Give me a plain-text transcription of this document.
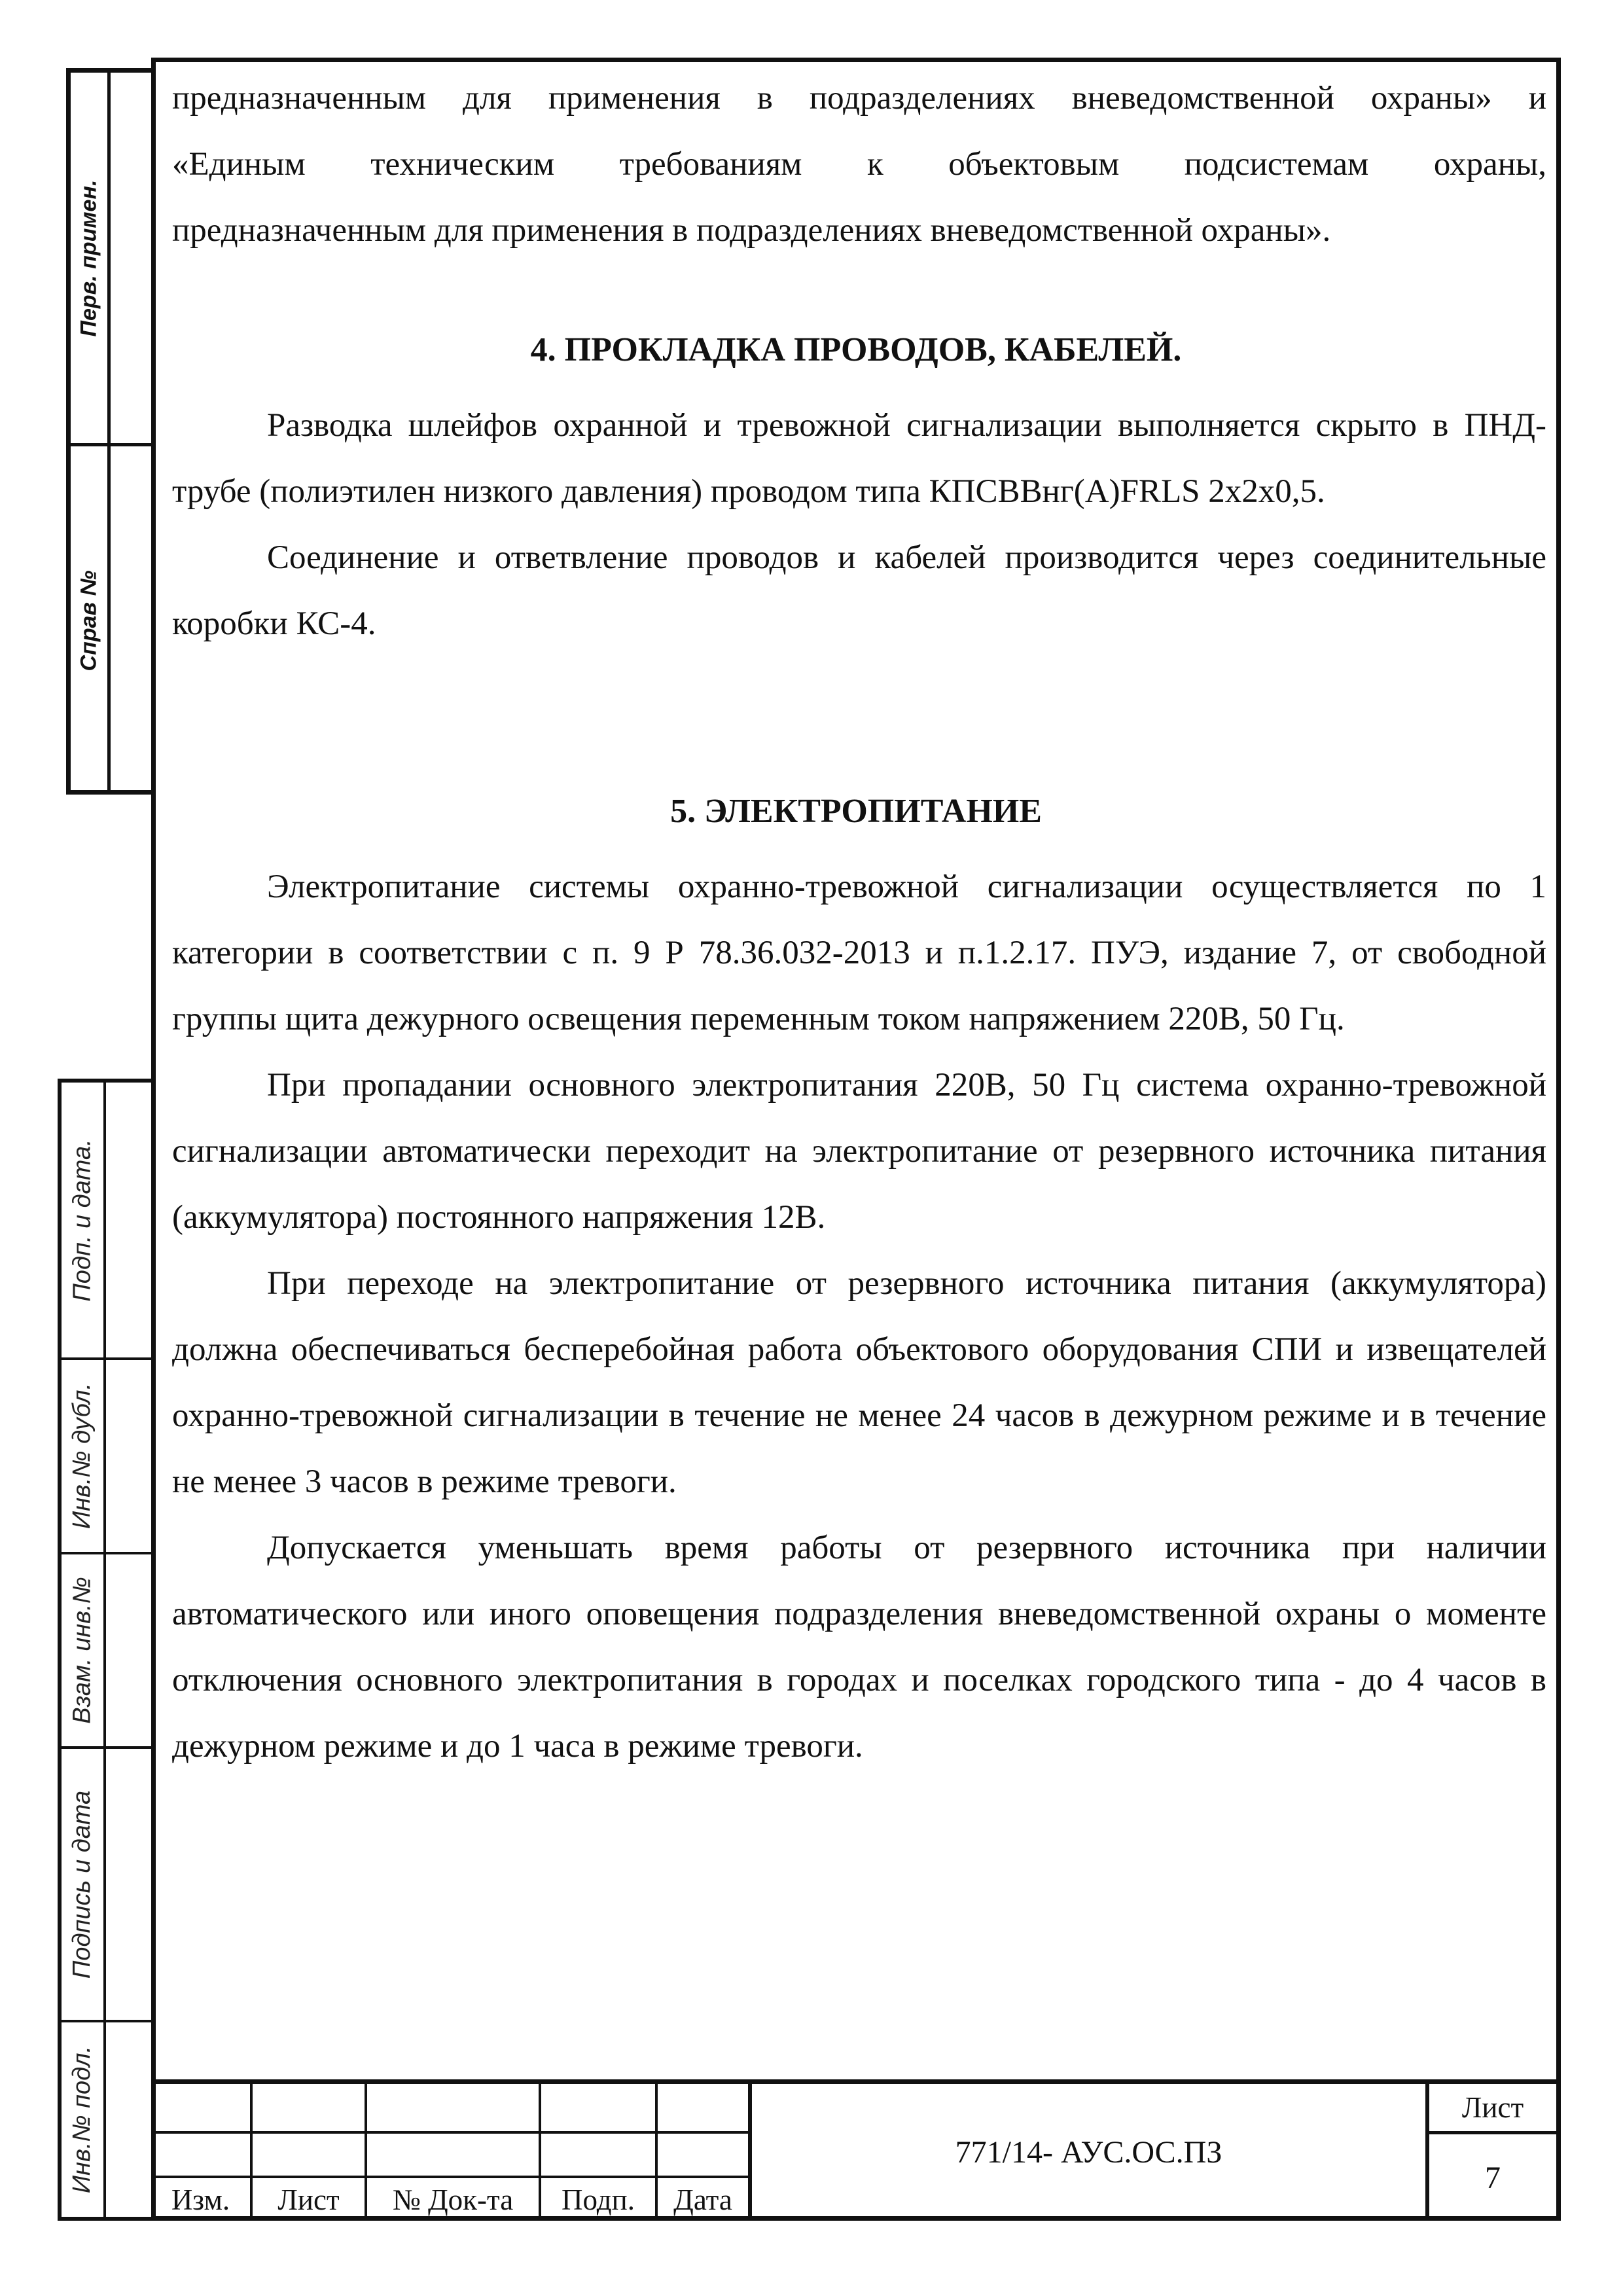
Перв. примен.
Справ №
Подп. и дата.
Инв.№ дубл.
Взам. инв.№
Подпись и дата
Инв.№ подл.
предназначенным для применения в подразделениях вневедомственной охраны» и
«Единым техническим требованиям к объектовым подсистемам охраны,
предназначенным для применения в подразделениях вневедомственной охраны».
4. ПРОКЛАДКА ПРОВОДОВ, КАБЕЛЕЙ.
Разводка шлейфов охранной и тревожной сигнализации выполняется скрыто в ПНД-трубе (полиэтилен низкого давления) проводом типа КПСВВнг(A)FRLS 2х2х0,5.
Соединение и ответвление проводов и кабелей производится через соединительные коробки КС-4.
5. ЭЛЕКТРОПИТАНИЕ
Электропитание системы охранно-тревожной сигнализации осуществляется по 1 категории в соответствии с п. 9 Р 78.36.032-2013 и п.1.2.17. ПУЭ, издание 7, от свободной группы щита дежурного освещения переменным током напряжением 220В, 50 Гц.
При пропадании основного электропитания 220В, 50 Гц система охранно-тревожной сигнализации автоматически переходит на электропитание от резервного источника питания (аккумулятора) постоянного напряжения 12В.
При переходе на электропитание от резервного источника питания (аккумулятора) должна обеспечиваться бесперебойная работа объектового оборудования СПИ и извещателей охранно-тревожной сигнализации в течение не менее 24 часов в дежурном режиме и в течение не менее 3 часов в режиме тревоги.
Допускается уменьшать время работы от резервного источника при наличии автоматического или иного оповещения подразделения вневедомственной охраны о моменте отключения основного электропитания в городах и поселках городского типа - до 4 часов в дежурном режиме и до 1 часа в режиме тревоги.
Изм.	Лист	№ Док-та	Подп.	Дата
771/14- АУС.ОС.ПЗ
Лист
7
